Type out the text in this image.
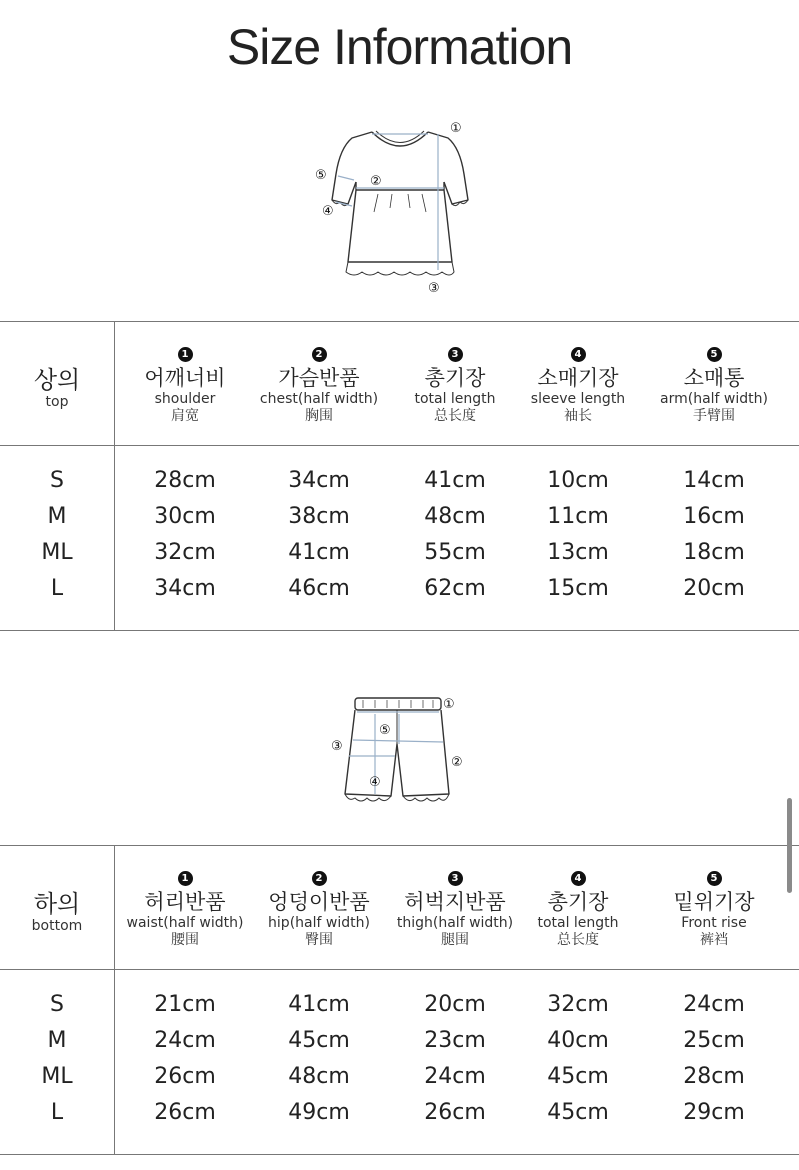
Size Information
①
②
③
④
⑤
상의
top
1
어깨너비
shoulder
肩宽
2
가슴반품
chest(half width)
胸围
3
총기장
total length
总长度
4
소매기장
sleeve length
袖长
5
소매통
arm(half width)
手臂围
S	28cm	34cm	41cm	10cm	14cm
M	30cm	38cm	48cm	11cm	16cm
ML	32cm	41cm	55cm	13cm	18cm
L	34cm	46cm	62cm	15cm	20cm
①
②
③
④
⑤
하의
bottom
1
허리반품
waist(half width)
腰围
2
엉덩이반품
hip(half width)
臀围
3
허벅지반품
thigh(half width)
腿围
4
총기장
total length
总长度
5
밑위기장
Front rise
裤裆
S	21cm	41cm	20cm	32cm	24cm
M	24cm	45cm	23cm	40cm	25cm
ML	26cm	48cm	24cm	45cm	28cm
L	26cm	49cm	26cm	45cm	29cm
